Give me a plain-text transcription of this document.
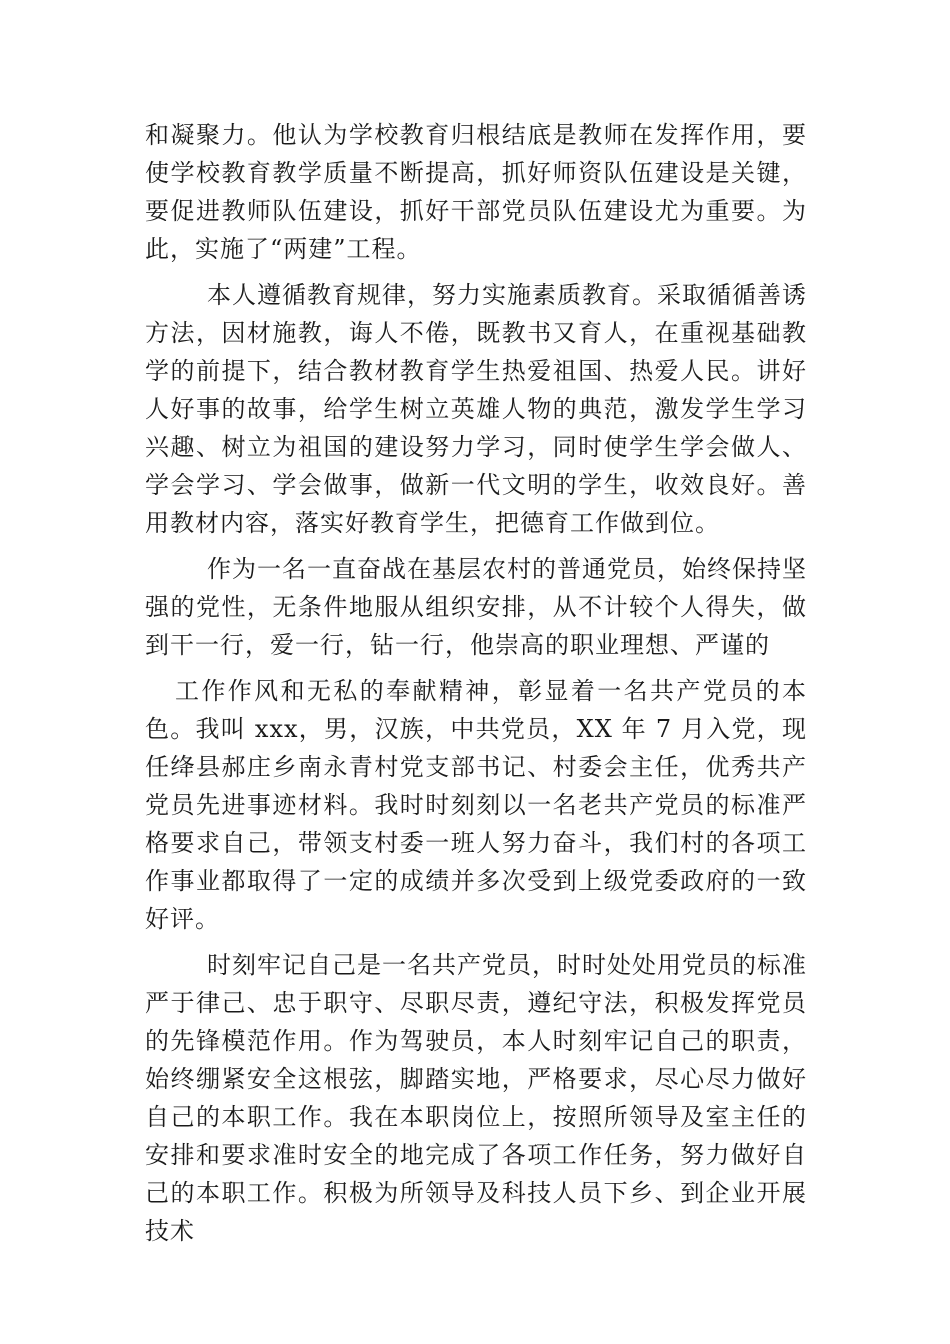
和凝聚力。他认为学校教育归根结底是教师在发挥作用，要使学校教育教学质量不断提高，抓好师资队伍建设是关键，要促进教师队伍建设，抓好干部党员队伍建设尤为重要。为此，实施了“两建”工程。

本人遵循教育规律，努力实施素质教育。采取循循善诱方法，因材施教，诲人不倦，既教书又育人，在重视基础教学的前提下，结合教材教育学生热爱祖国、热爱人民。讲好人好事的故事，给学生树立英雄人物的典范，激发学生学习兴趣、树立为祖国的建设努力学习，同时使学生学会做人、学会学习、学会做事，做新一代文明的学生，收效良好。善用教材内容，落实好教育学生，把德育工作做到位。

作为一名一直奋战在基层农村的普通党员，始终保持坚强的党性，无条件地服从组织安排，从不计较个人得失，做到干一行，爱一行，钻一行，他崇高的职业理想、严谨的

工作作风和无私的奉献精神，彰显着一名共产党员的本色。我叫 xxx，男，汉族，中共党员，XX 年 7 月入党，现任绛县郝庄乡南永青村党支部书记、村委会主任，优秀共产党员先进事迹材料。我时时刻刻以一名老共产党员的标准严格要求自己，带领支村委一班人努力奋斗，我们村的各项工作事业都取得了一定的成绩并多次受到上级党委政府的一致好评。

时刻牢记自己是一名共产党员，时时处处用党员的标准严于律己、忠于职守、尽职尽责，遵纪守法，积极发挥党员的先锋模范作用。作为驾驶员，本人时刻牢记自己的职责，始终绷紧安全这根弦，脚踏实地，严格要求，尽心尽力做好自己的本职工作。我在本职岗位上，按照所领导及室主任的安排和要求准时安全的地完成了各项工作任务，努力做好自己的本职工作。积极为所领导及科技人员下乡、到企业开展技术
